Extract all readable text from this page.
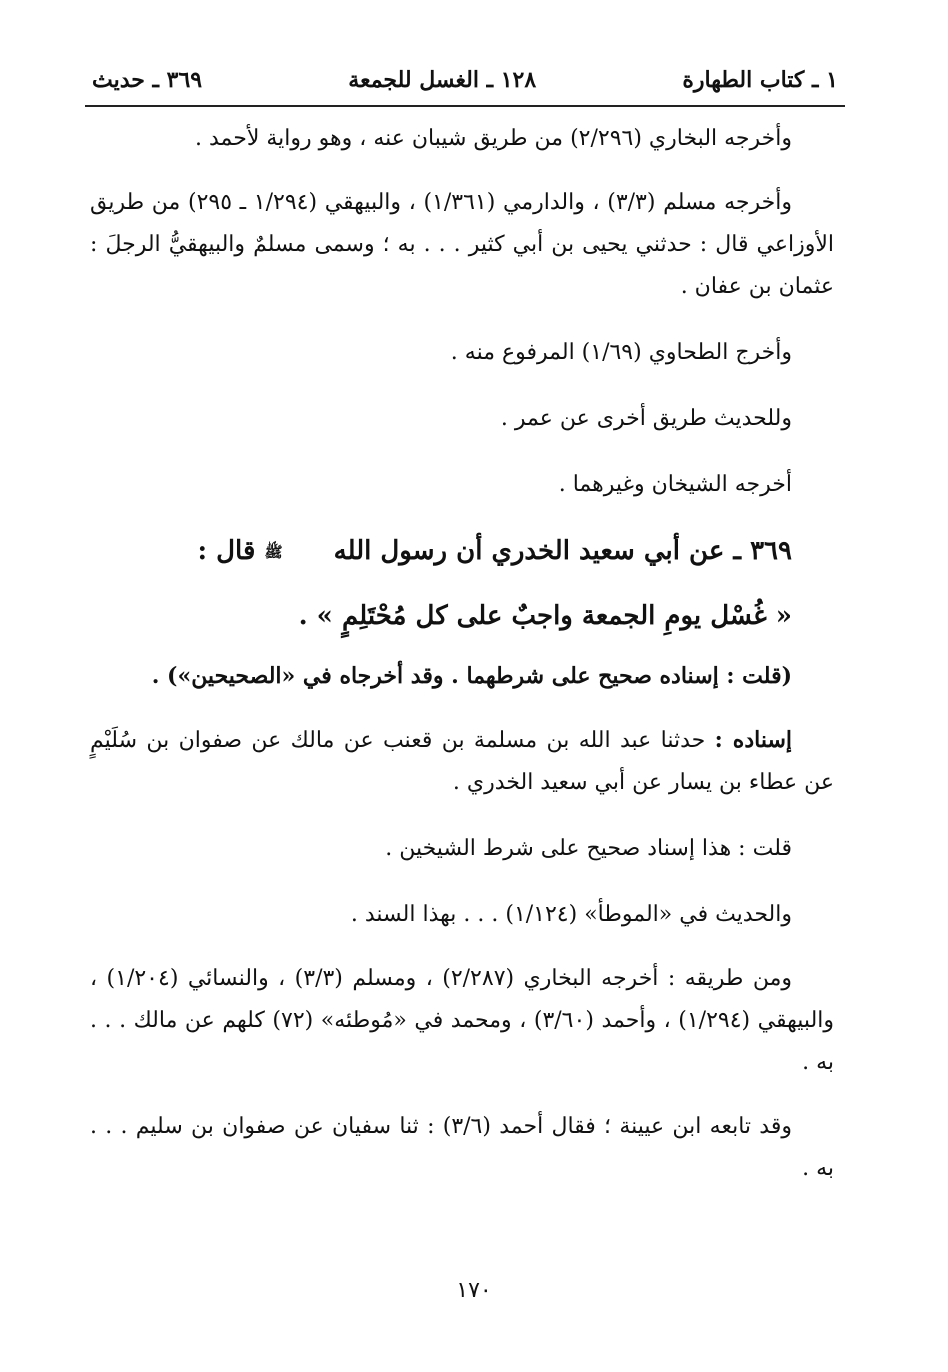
١ ـ كتاب الطهارة
١٢٨ ـ الغسل للجمعة
٣٦٩ ـ حديث

وأخرجه البخاري (٢/٢٩٦) من طريق شيبان عنه ، وهو رواية لأحمد .

وأخرجه مسلم (٣/٣) ، والدارمي (١/٣٦١) ، والبيهقي (١/٢٩٤ ـ ٢٩٥) من طريق الأوزاعي قال : حدثني يحيى بن أبي كثير . . . به ؛ وسمى مسلمٌ والبيهقيُّ الرجلَ : عثمان بن عفان .

وأخرج الطحاوي (١/٦٩) المرفوع منه .

وللحديث طريق أخرى عن عمر .

أخرجه الشيخان وغيرهما .

٣٦٩ ـ عن أبي سعيد الخدري أن رسول الله ﷺ قال :

« غُسْل يومِ الجمعة واجبٌ على كل مُحْتَلِمٍ » .

(قلت : إسناده صحيح على شرطهما . وقد أخرجاه في «الصحيحين») .

إسناده : حدثنا عبد الله بن مسلمة بن قعنب عن مالك عن صفوان بن سُلَيْمٍ عن عطاء بن يسار عن أبي سعيد الخدري .

قلت : هذا إسناد صحيح على شرط الشيخين .

والحديث في «الموطأ» (١/١٢٤) . . . بهذا السند .

ومن طريقه : أخرجه البخاري (٢/٢٨٧) ، ومسلم (٣/٣) ، والنسائي (١/٢٠٤) ، والبيهقي (١/٢٩٤) ، وأحمد (٣/٦٠) ، ومحمد في «مُوطئه» (٧٢) كلهم عن مالك . . . به .

وقد تابعه ابن عيينة ؛ فقال أحمد (٣/٦) : ثنا سفيان عن صفوان بن سليم . . . به .

١٧٠
